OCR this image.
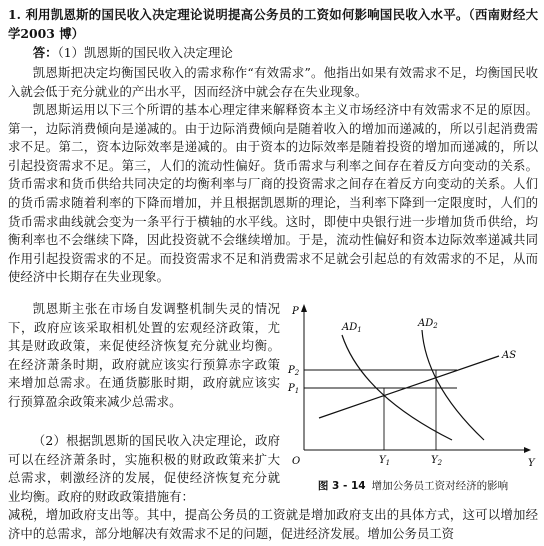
1. 利用凯恩斯的国民收入决定理论说明提高公务员的工资如何影响国民收入水平。（西南财经大学2003 博）

答：（1）凯恩斯的国民收入决定理论

凯恩斯把决定均衡国民收入的需求称作“有效需求”。他指出如果有效需求不足，均衡国民收入就会低于充分就业的产出水平，因而经济中就会存在失业现象。

凯恩斯运用以下三个所谓的基本心理定律来解释资本主义市场经济中有效需求不足的原因。第一，边际消费倾向是递减的。由于边际消费倾向是随着收入的增加而递减的，所以引起消费需求不足。第二，资本边际效率是递减的。由于资本的边际效率是随着投资的增加而递减的，所以引起投资需求不足。第三，人们的流动性偏好。货币需求与利率之间存在着反方向变动的关系。货币需求和货币供给共同决定的均衡利率与厂商的投资需求之间存在着反方向变动的关系。人们的货币需求随着利率的下降而增加，并且根据凯恩斯的理论，当利率下降到一定限度时，人们的货币需求曲线就会变为一条平行于横轴的水平线。这时，即使中央银行进一步增加货币供给，均衡利率也不会继续下降，因此投资就不会继续增加。于是，流动性偏好和资本边际效率递减共同作用引起投资需求的不足。而投资需求不足和消费需求不足就会引起总的有效需求的不足，从而使经济中长期存在失业现象。

凯恩斯主张在市场自发调整机制失灵的情况下，政府应该采取相机处置的宏观经济政策，尤其是财政政策，来促使经济恢复充分就业均衡。在经济萧条时期，政府就应该实行预算赤字政策来增加总需求。在通货膨胀时期，政府就应该实行预算盈余政策来减少总需求。

（2）根据凯恩斯的国民收入决定理论，政府可以在经济萧条时，实施积极的财政政策来扩大总需求，刺激经济的发展，促使经济恢复充分就业均衡。政府的财政政策措施有：

减税，增加政府支出等。其中，提高公务员的工资就是增加政府支出的具体方式，这可以增加经济中的总需求，部分地解决有效需求不足的问题，促进经济发展。增加公务员工资

P
Y
O
$P_1$
$P_2$
$Y_1$	$Y_2$
$AD_1$
$AD_2$
AS
图 3 - 14 增加公务员工资对经济的影响
